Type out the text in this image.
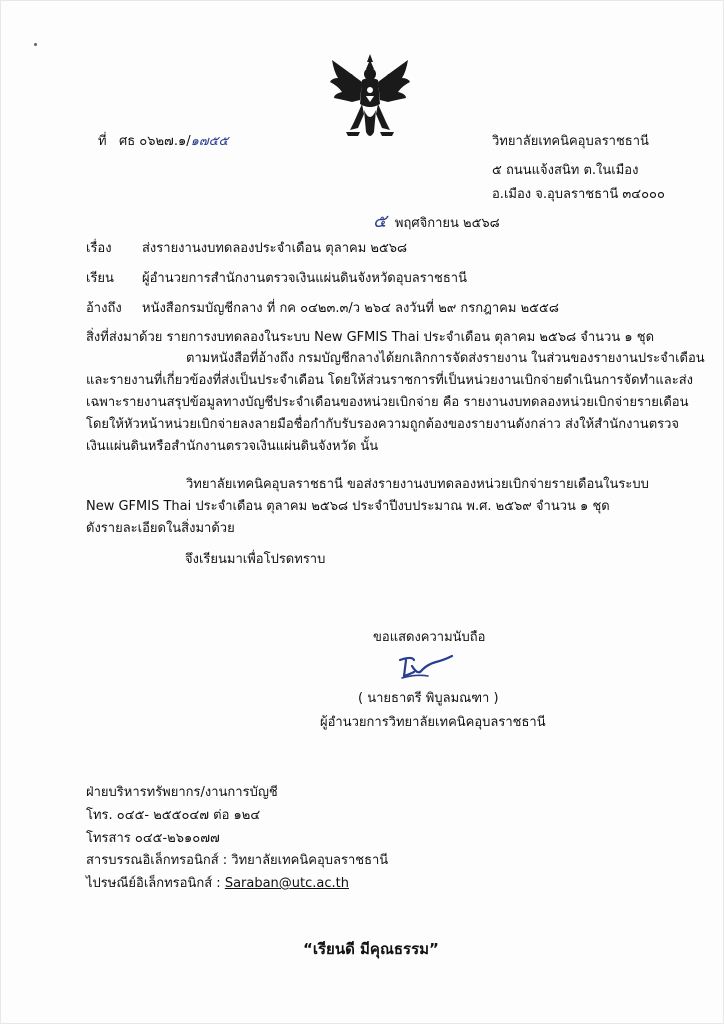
ที่ ศธ ๐๖๒๗.๑/๑๗๕๕	วิทยาลัยเทคนิคอุบลราชธานี
๕ ถนนแจ้งสนิท ต.ในเมือง
อ.เมือง จ.อุบลราชธานี ๓๔๐๐๐
๕ พฤศจิกายน ๒๕๖๘
เรื่อง ส่งรายงานงบทดลองประจำเดือน ตุลาคม ๒๕๖๘
เรียน ผู้อำนวยการสำนักงานตรวจเงินแผ่นดินจังหวัดอุบลราชธานี
อ้างถึง หนังสือกรมบัญชีกลาง ที่ กค ๐๔๒๓.๓/ว ๒๖๔ ลงวันที่ ๒๙ กรกฎาคม ๒๕๕๘
สิ่งที่ส่งมาด้วย รายการงบทดลองในระบบ New GFMIS Thai ประจำเดือน ตุลาคม ๒๕๖๘ จำนวน ๑ ชุด
ตามหนังสือที่อ้างถึง กรมบัญชีกลางได้ยกเลิกการจัดส่งรายงาน ในส่วนของรายงานประจำเดือน
และรายงานที่เกี่ยวข้องที่ส่งเป็นประจำเดือน โดยให้ส่วนราชการที่เป็นหน่วยงานเบิกจ่ายดำเนินการจัดทำและส่ง
เฉพาะรายงานสรุปข้อมูลทางบัญชีประจำเดือนของหน่วยเบิกจ่าย คือ รายงานงบทดลองหน่วยเบิกจ่ายรายเดือน
โดยให้หัวหน้าหน่วยเบิกจ่ายลงลายมือชื่อกำกับรับรองความถูกต้องของรายงานดังกล่าว ส่งให้สำนักงานตรวจ
เงินแผ่นดินหรือสำนักงานตรวจเงินแผ่นดินจังหวัด นั้น
วิทยาลัยเทคนิคอุบลราชธานี ขอส่งรายงานงบทดลองหน่วยเบิกจ่ายรายเดือนในระบบ
New GFMIS Thai ประจำเดือน ตุลาคม ๒๕๖๘ ประจำปีงบประมาณ พ.ศ. ๒๕๖๙ จำนวน ๑ ชุด
ดังรายละเอียดในสิ่งมาด้วย
จึงเรียนมาเพื่อโปรดทราบ
ขอแสดงความนับถือ
( นายธาตรี พิบูลมณฑา )
ผู้อำนวยการวิทยาลัยเทคนิคอุบลราชธานี
ฝ่ายบริหารทรัพยากร/งานการบัญชี
โทร. ๐๔๕- ๒๕๕๐๔๗ ต่อ ๑๒๔
โทรสาร ๐๔๕-๒๖๑๐๗๗
สารบรรณอิเล็กทรอนิกส์ : วิทยาลัยเทคนิคอุบลราชธานี
ไปรษณีย์อิเล็กทรอนิกส์ : Saraban@utc.ac.th
“เรียนดี มีคุณธรรม”
